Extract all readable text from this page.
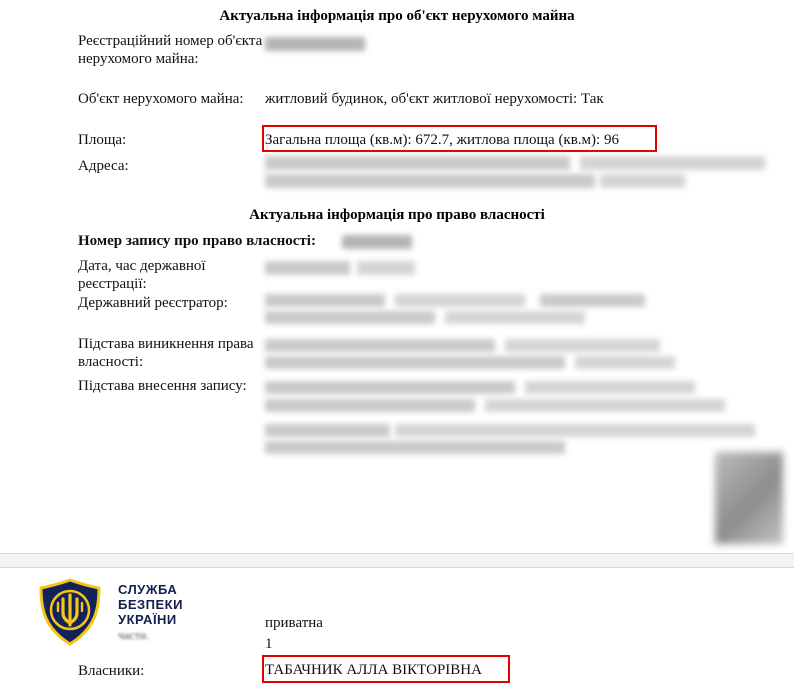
Актуальна інформація про об'єкт нерухомого майна
Реєстраційний номер об'єкта нерухомого майна:
Об'єкт нерухомого майна:	житловий будинок, об'єкт житлової нерухомості: Так
Площа:	Загальна площа (кв.м): 672.7, житлова площа (кв.м): 96
Адреса:
Актуальна інформація про право власності
Номер запису про право власності:
Дата, час державної реєстрації:
Державний реєстратор:
Підстава виникнення права власності:
Підстава внесення запису:
СЛУЖБА
БЕЗПЕКИ
УКРАЇНИ
части.
приватна
1
Власники:	ТАБАЧНИК АЛЛА ВІКТОРІВНА
